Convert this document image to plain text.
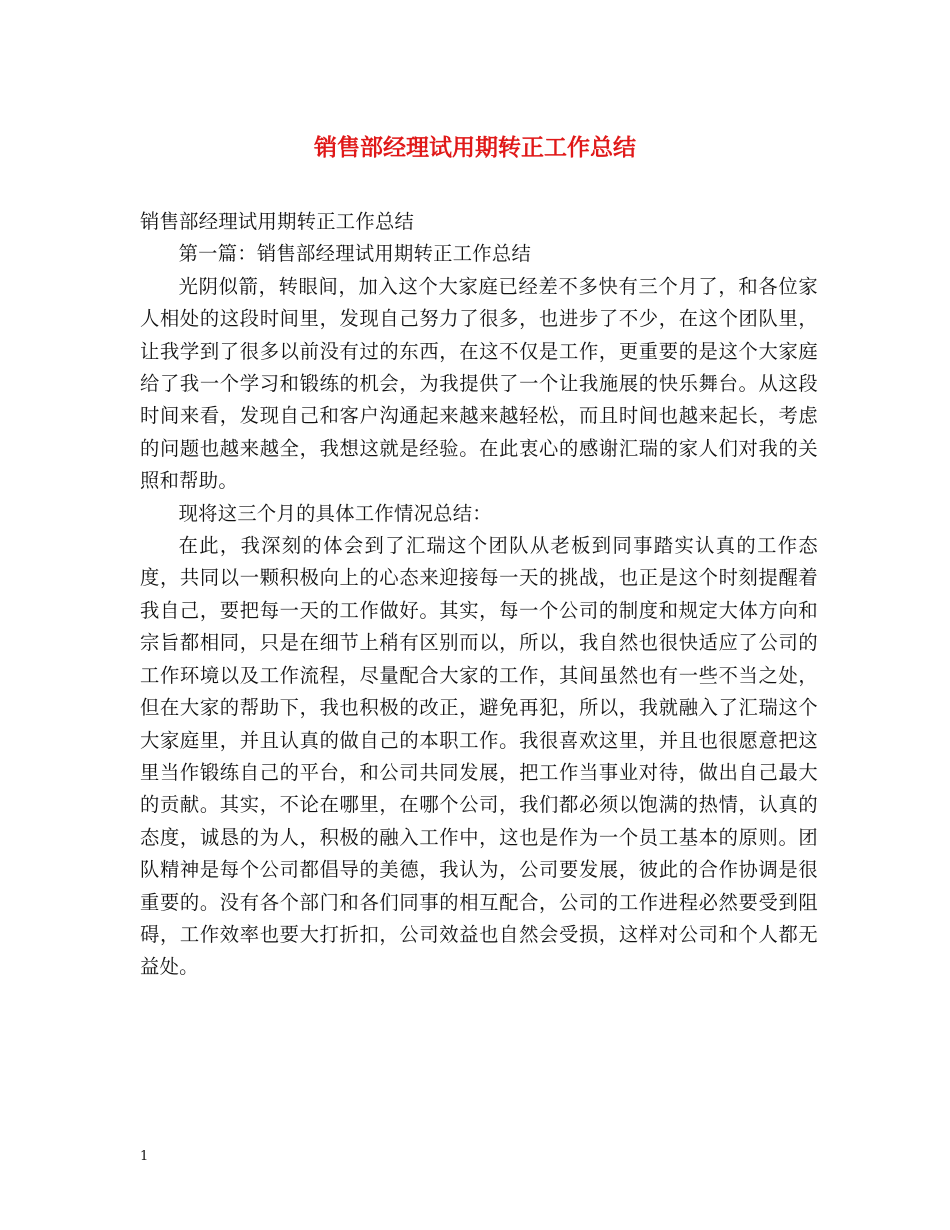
销售部经理试用期转正工作总结

销售部经理试用期转正工作总结

第一篇：销售部经理试用期转正工作总结

光阴似箭，转眼间，加入这个大家庭已经差不多快有三个月了，和各位家人相处的这段时间里，发现自己努力了很多，也进步了不少，在这个团队里，让我学到了很多以前没有过的东西，在这不仅是工作，更重要的是这个大家庭给了我一个学习和锻练的机会，为我提供了一个让我施展的快乐舞台。从这段时间来看，发现自己和客户沟通起来越来越轻松，而且时间也越来起长，考虑的问题也越来越全，我想这就是经验。在此衷心的感谢汇瑞的家人们对我的关照和帮助。

现将这三个月的具体工作情况总结：

在此，我深刻的体会到了汇瑞这个团队从老板到同事踏实认真的工作态度，共同以一颗积极向上的心态来迎接每一天的挑战，也正是这个时刻提醒着我自己，要把每一天的工作做好。其实，每一个公司的制度和规定大体方向和宗旨都相同，只是在细节上稍有区别而以，所以，我自然也很快适应了公司的工作环境以及工作流程，尽量配合大家的工作，其间虽然也有一些不当之处，但在大家的帮助下，我也积极的改正，避免再犯，所以，我就融入了汇瑞这个大家庭里，并且认真的做自己的本职工作。我很喜欢这里，并且也很愿意把这里当作锻练自己的平台，和公司共同发展，把工作当事业对待，做出自己最大的贡献。其实，不论在哪里，在哪个公司，我们都必须以饱满的热情，认真的态度，诚恳的为人，积极的融入工作中，这也是作为一个员工基本的原则。团队精神是每个公司都倡导的美德，我认为，公司要发展，彼此的合作协调是很重要的。没有各个部门和各们同事的相互配合，公司的工作进程必然要受到阻碍，工作效率也要大打折扣，公司效益也自然会受损，这样对公司和个人都无益处。

1
